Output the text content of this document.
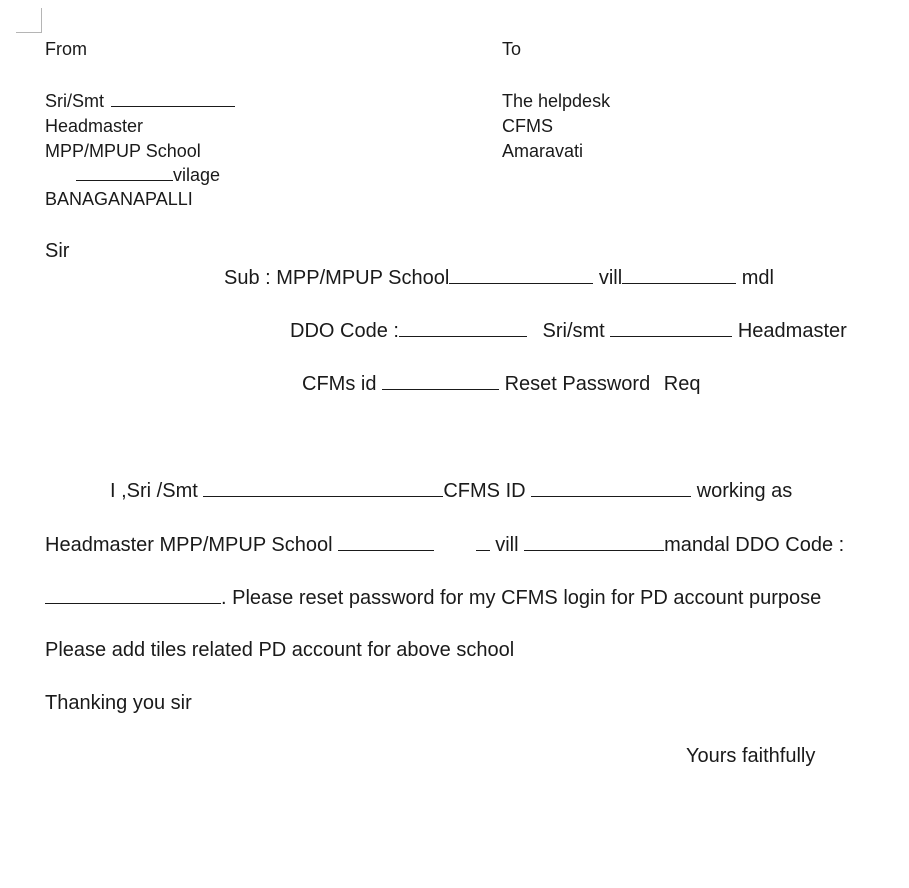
From
Sri/Smt
Headmaster
MPP/MPUP School
vilage
BANAGANAPALLI
To
The helpdesk
CFMS
Amaravati
Sir
Sub : MPP/MPUP School	vill	mdl
DDO Code :	Sri/smt	Headmaster
CFMs id	Reset Password Req
I ,Sri /Smt	CFMS ID	working as
Headmaster MPP/MPUP School	vill	mandal DDO Code :
. Please reset password for my CFMS login for PD account purpose
Please add tiles related PD account for above school
Thanking you sir
Yours faithfully
